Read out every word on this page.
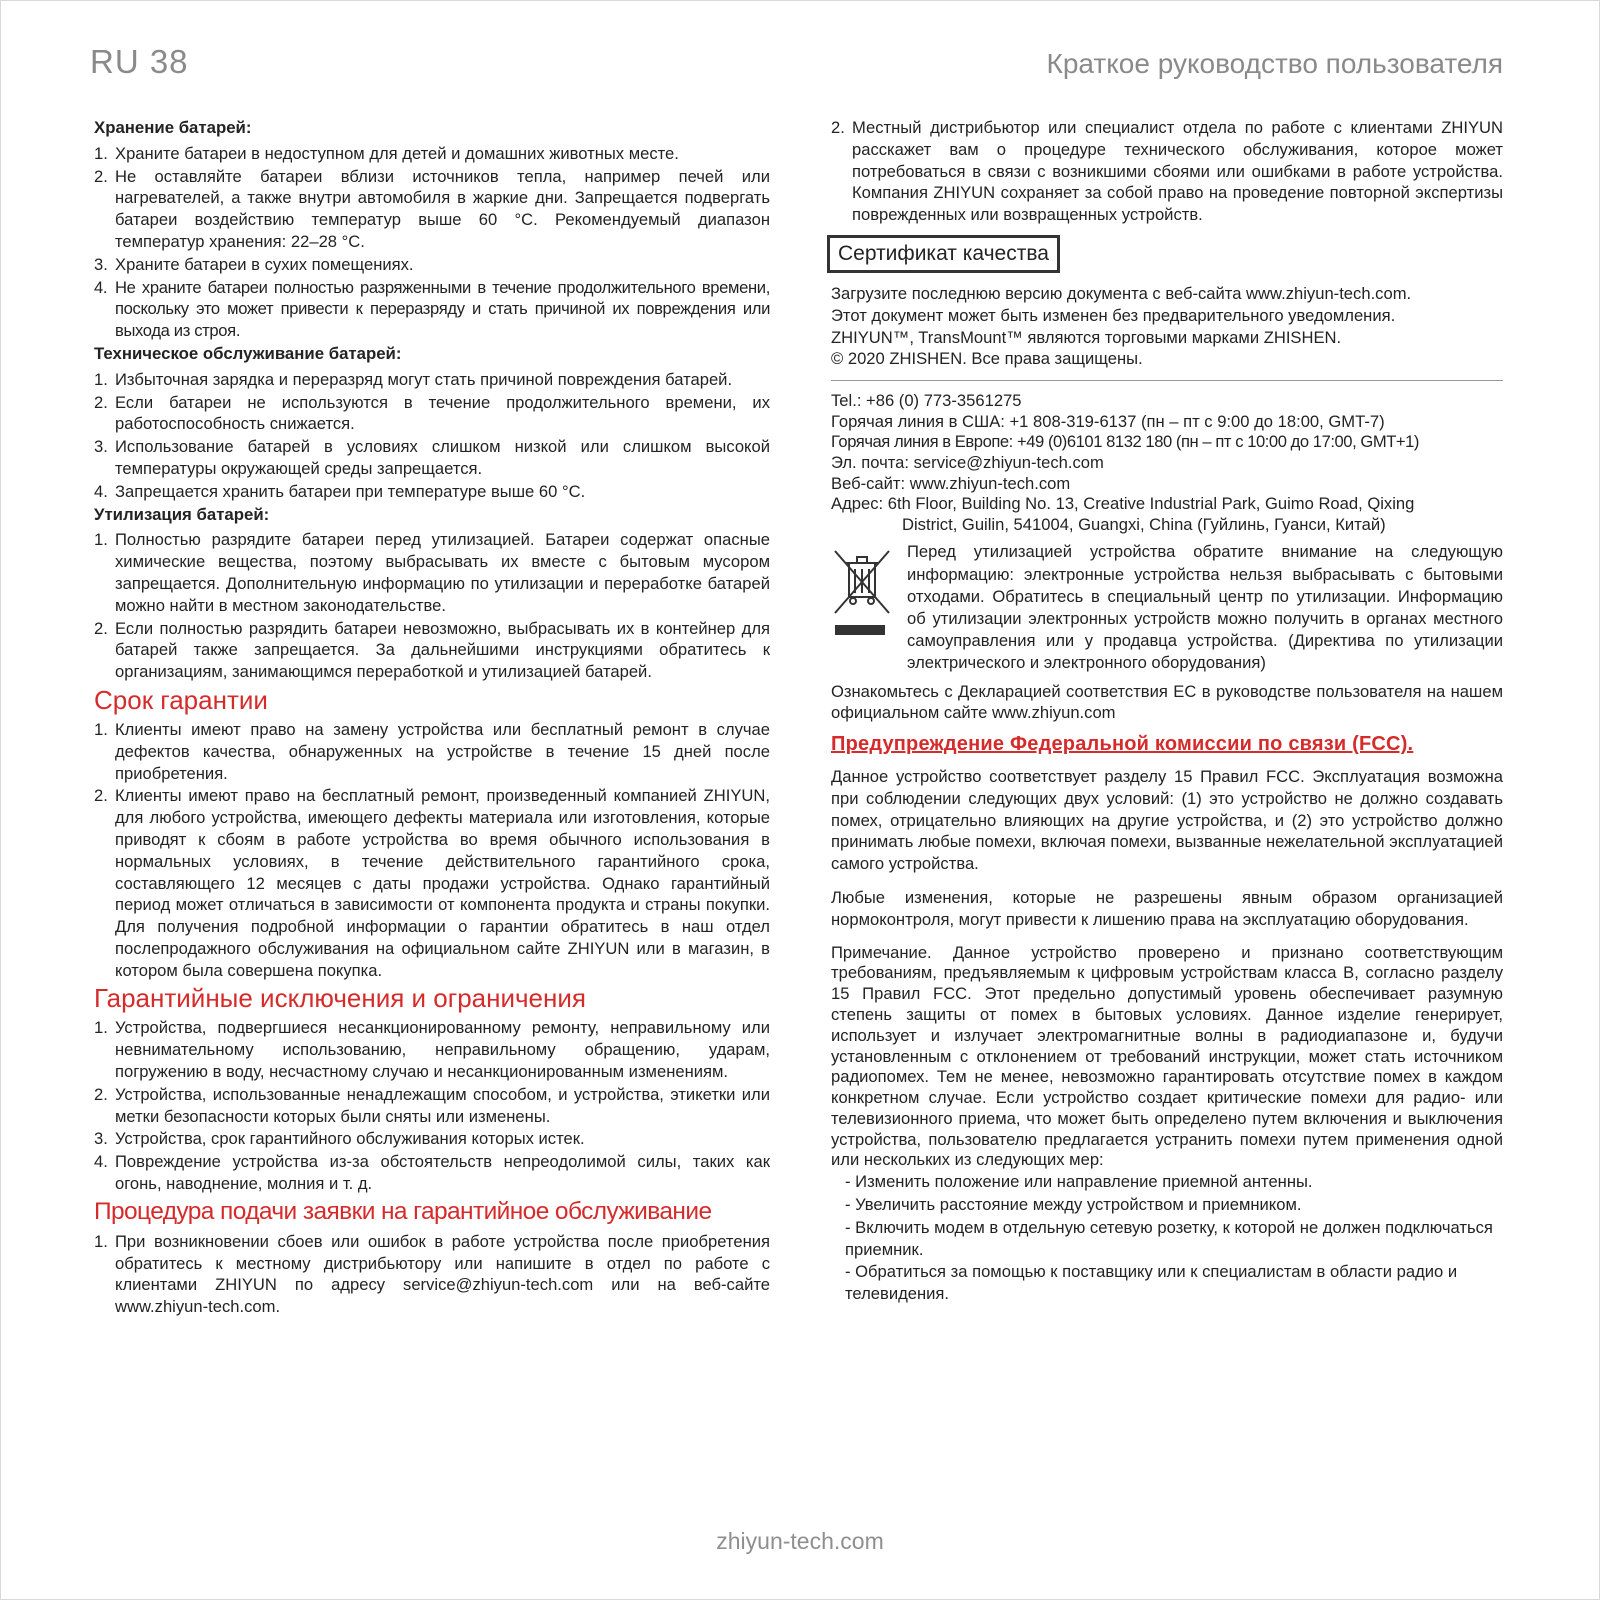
RU 38	Краткое руководство пользователя
Хранение батарей:
1. Храните батареи в недоступном для детей и домашних животных месте.
2. Не оставляйте батареи вблизи источников тепла, например печей или нагревателей, а также внутри автомобиля в жаркие дни. Запрещается подвергать батареи воздействию температур выше 60 °C. Рекомендуемый диапазон температур хранения: 22–28 °C.
3. Храните батареи в сухих помещениях.
4. Не храните батареи полностью разряженными в течение продолжительного времени, поскольку это может привести к переразряду и стать причиной их повреждения или выхода из строя.
Техническое обслуживание батарей:
1. Избыточная зарядка и переразряд могут стать причиной повреждения батарей.
2. Если батареи не используются в течение продолжительного времени, их работоспособность снижается.
3. Использование батарей в условиях слишком низкой или слишком высокой температуры окружающей среды запрещается.
4. Запрещается хранить батареи при температуре выше 60 °C.
Утилизация батарей:
1. Полностью разрядите батареи перед утилизацией. Батареи содержат опасные химические вещества, поэтому выбрасывать их вместе с бытовым мусором запрещается. Дополнительную информацию по утилизации и переработке батарей можно найти в местном законодательстве.
2. Если полностью разрядить батареи невозможно, выбрасывать их в контейнер для батарей также запрещается. За дальнейшими инструкциями обратитесь к организациям, занимающимся переработкой и утилизацией батарей.
Срок гарантии
1. Клиенты имеют право на замену устройства или бесплатный ремонт в случае дефектов качества, обнаруженных на устройстве в течение 15 дней после приобретения.
2. Клиенты имеют право на бесплатный ремонт, произведенный компанией ZHIYUN, для любого устройства, имеющего дефекты материала или изготовления, которые приводят к сбоям в работе устройства во время обычного использования в нормальных условиях, в течение действительного гарантийного срока, составляющего 12 месяцев с даты продажи устройства. Однако гарантийный период может отличаться в зависимости от компонента продукта и страны покупки. Для получения подробной информации о гарантии обратитесь в наш отдел послепродажного обслуживания на официальном сайте ZHIYUN или в магазин, в котором была совершена покупка.
Гарантийные исключения и ограничения
1. Устройства, подвергшиеся несанкционированному ремонту, неправильному или невнимательному использованию, неправильному обращению, ударам, погружению в воду, несчастному случаю и несанкционированным изменениям.
2. Устройства, использованные ненадлежащим способом, и устройства, этикетки или метки безопасности которых были сняты или изменены.
3. Устройства, срок гарантийного обслуживания которых истек.
4. Повреждение устройства из-за обстоятельств непреодолимой силы, таких как огонь, наводнение, молния и т. д.
Процедура подачи заявки на гарантийное обслуживание
1. При возникновении сбоев или ошибок в работе устройства после приобретения обратитесь к местному дистрибьютору или напишите в отдел по работе с клиентами ZHIYUN по адресу service@zhiyun-tech.com или на веб-сайте www.zhiyun-tech.com.
2. Местный дистрибьютор или специалист отдела по работе с клиентами ZHIYUN расскажет вам о процедуре технического обслуживания, которое может потребоваться в связи с возникшими сбоями или ошибками в работе устройства. Компания ZHIYUN сохраняет за собой право на проведение повторной экспертизы поврежденных или возвращенных устройств.
Сертификат качества
Загрузите последнюю версию документа с веб-сайта www.zhiyun-tech.com.
Этот документ может быть изменен без предварительного уведомления.
ZHIYUN™, TransMount™ являются торговыми марками ZHISHEN.
© 2020 ZHISHEN. Все права защищены.
Tel.: +86 (0) 773-3561275
Горячая линия в США: +1 808-319-6137 (пн – пт с 9:00 до 18:00, GMT-7)
Горячая линия в Европе: +49 (0)6101 8132 180 (пн – пт с 10:00 до 17:00, GMT+1)
Эл. почта: service@zhiyun-tech.com
Веб-сайт: www.zhiyun-tech.com
Адрес: 6th Floor, Building No. 13, Creative Industrial Park, Guimo Road, Qixing
District, Guilin, 541004, Guangxi, China (Гуйлинь, Гуанси, Китай)
Перед утилизацией устройства обратите внимание на следующую информацию: электронные устройства нельзя выбрасывать с бытовыми отходами. Обратитесь в специальный центр по утилизации. Информацию об утилизации электронных устройств можно получить в органах местного самоуправления или у продавца устройства. (Директива по утилизации электрического и электронного оборудования)
Ознакомьтесь с Декларацией соответствия ЕС в руководстве пользователя на нашем официальном сайте www.zhiyun.com
Предупреждение Федеральной комиссии по связи (FCC).
Данное устройство соответствует разделу 15 Правил FCC. Эксплуатация возможна при соблюдении следующих двух условий: (1) это устройство не должно создавать помех, отрицательно влияющих на другие устройства, и (2) это устройство должно принимать любые помехи, включая помехи, вызванные нежелательной эксплуатацией самого устройства.
Любые изменения, которые не разрешены явным образом организацией нормоконтроля, могут привести к лишению права на эксплуатацию оборудования.
Примечание. Данное устройство проверено и признано соответствующим требованиям, предъявляемым к цифровым устройствам класса B, согласно разделу 15 Правил FCC. Этот предельно допустимый уровень обеспечивает разумную степень защиты от помех в бытовых условиях. Данное изделие генерирует, использует и излучает электромагнитные волны в радиодиапазоне и, будучи установленным с отклонением от требований инструкции, может стать источником радиопомех. Тем не менее, невозможно гарантировать отсутствие помех в каждом конкретном случае. Если устройство создает критические помехи для радио- или телевизионного приема, что может быть определено путем включения и выключения устройства, пользователю предлагается устранить помехи путем применения одной или нескольких из следующих мер:
- Изменить положение или направление приемной антенны.
- Увеличить расстояние между устройством и приемником.
- Включить модем в отдельную сетевую розетку, к которой не должен подключаться приемник.
- Обратиться за помощью к поставщику или к специалистам в области радио и телевидения.
zhiyun-tech.com
